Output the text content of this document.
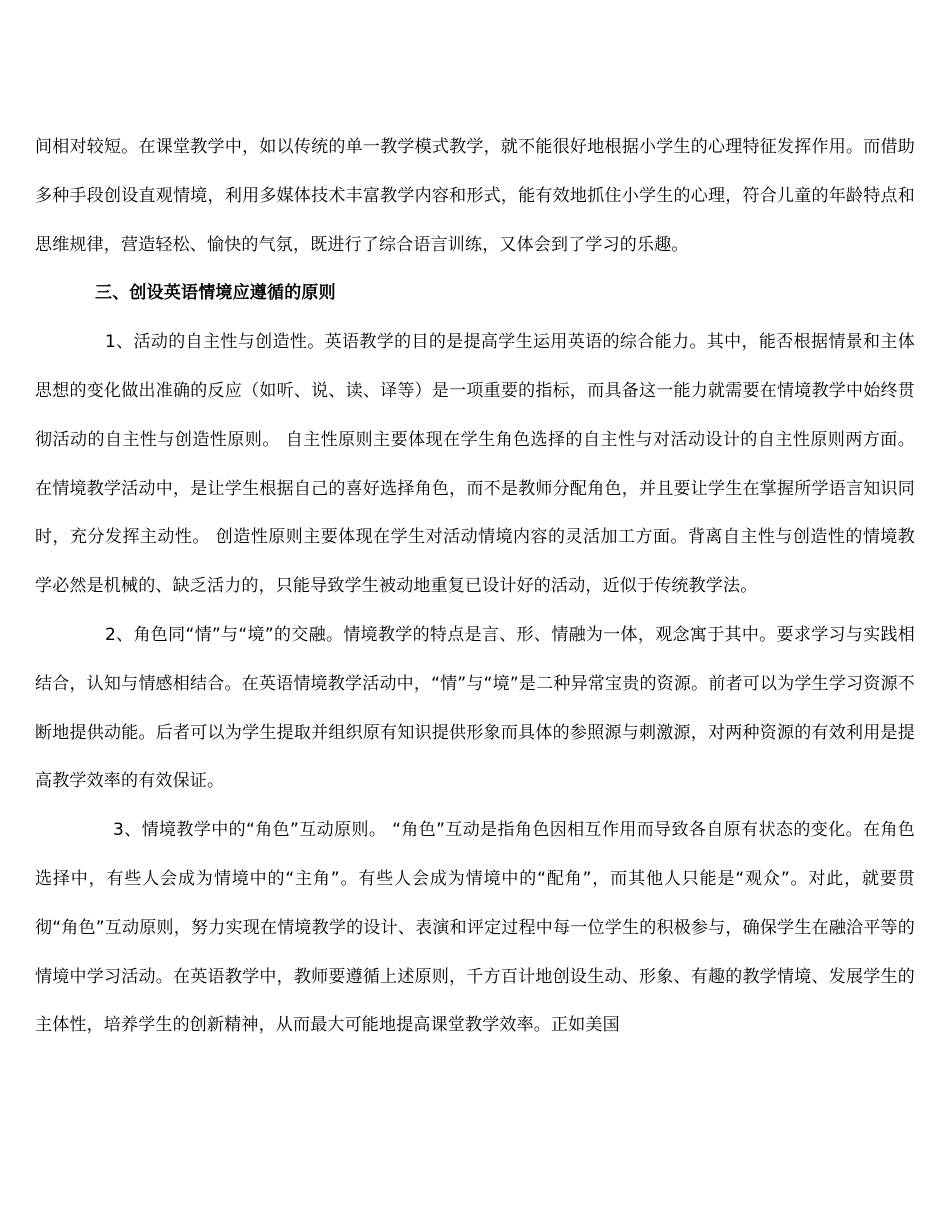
间相对较短。在课堂教学中，如以传统的单一教学模式教学，就不能很好地根据小学生的心理特征发挥作用。而借助多种手段创设直观情境，利用多媒体技术丰富教学内容和形式，能有效地抓住小学生的心理，符合儿童的年龄特点和思维规律，营造轻松、愉快的气氛，既进行了综合语言训练，又体会到了学习的乐趣。

三、创设英语情境应遵循的原则

1、活动的自主性与创造性。英语教学的目的是提高学生运用英语的综合能力。其中，能否根据情景和主体思想的变化做出准确的反应（如听、说、读、译等）是一项重要的指标，而具备这一能力就需要在情境教学中始终贯彻活动的自主性与创造性原则。 自主性原则主要体现在学生角色选择的自主性与对活动设计的自主性原则两方面。在情境教学活动中，是让学生根据自己的喜好选择角色，而不是教师分配角色，并且要让学生在掌握所学语言知识同时，充分发挥主动性。 创造性原则主要体现在学生对活动情境内容的灵活加工方面。背离自主性与创造性的情境教学必然是机械的、缺乏活力的，只能导致学生被动地重复已设计好的活动，近似于传统教学法。

2、角色同“情”与“境”的交融。情境教学的特点是言、形、情融为一体，观念寓于其中。要求学习与实践相结合，认知与情感相结合。在英语情境教学活动中，“情”与“境”是二种异常宝贵的资源。前者可以为学生学习资源不断地提供动能。后者可以为学生提取并组织原有知识提供形象而具体的参照源与刺激源，对两种资源的有效利用是提高教学效率的有效保证。

3、情境教学中的“角色”互动原则。 “角色”互动是指角色因相互作用而导致各自原有状态的变化。在角色选择中，有些人会成为情境中的“主角”。有些人会成为情境中的“配角”，而其他人只能是“观众”。对此，就要贯彻“角色”互动原则，努力实现在情境教学的设计、表演和评定过程中每一位学生的积极参与，确保学生在融洽平等的情境中学习活动。在英语教学中，教师要遵循上述原则，千方百计地创设生动、形象、有趣的教学情境、发展学生的主体性，培养学生的创新精神，从而最大可能地提高课堂教学效率。正如美国
